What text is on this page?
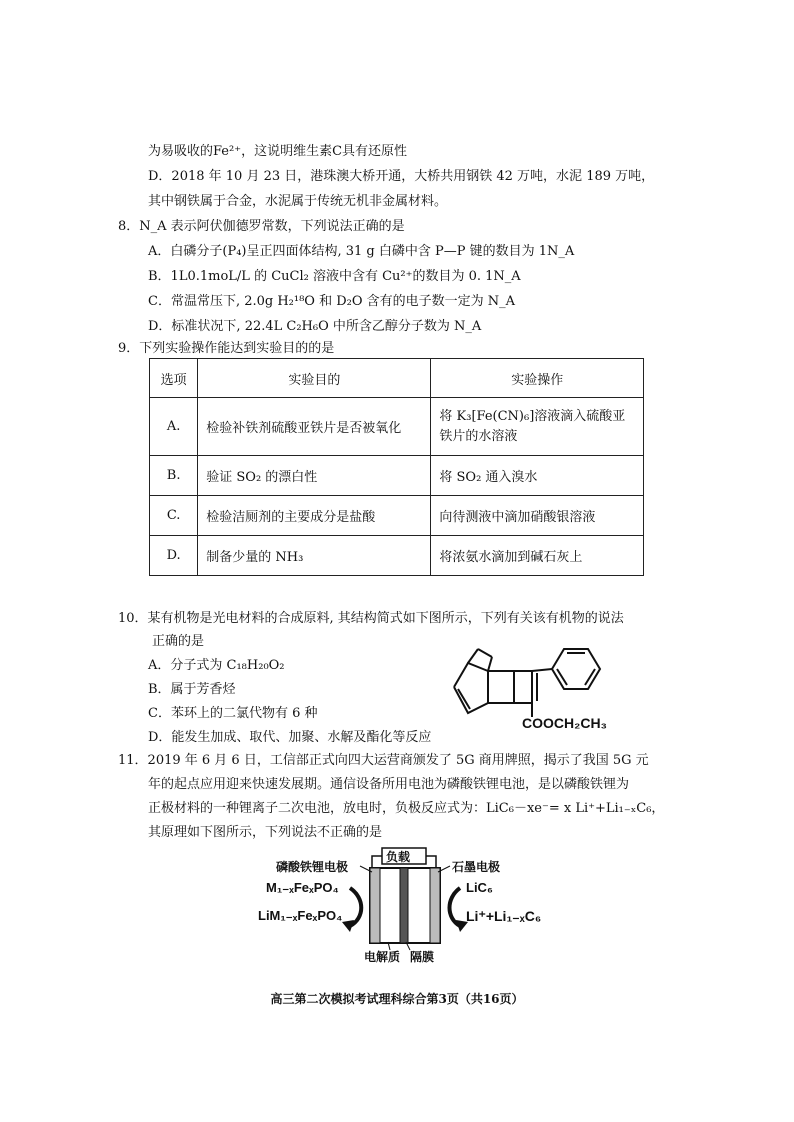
为易吸收的Fe²⁺，这说明维生素C具有还原性
D．2018 年 10 月 23 日，港珠澳大桥开通，大桥共用钢铁 42 万吨，水泥 189 万吨，
其中钢铁属于合金，水泥属于传统无机非金属材料。
8．N_A 表示阿伏伽德罗常数，下列说法正确的是
A．白磷分子(P₄)呈正四面体结构, 31 g 白磷中含 P—P 键的数目为 1N_A
B．1L0.1moL/L 的 CuCl₂ 溶液中含有 Cu²⁺的数目为 0. 1N_A
C．常温常压下, 2.0g H₂¹⁸O 和 D₂O 含有的电子数一定为 N_A
D．标准状况下, 22.4L C₂H₆O 中所含乙醇分子数为 N_A
9．下列实验操作能达到实验目的的是
选项	实验目的	实验操作
A.	检验补铁剂硫酸亚铁片是否被氧化	将 K₃[Fe(CN)₆]溶液滴入硫酸亚铁片的水溶液
B.	验证 SO₂ 的漂白性	将 SO₂ 通入溴水
C.	检验洁厕剂的主要成分是盐酸	向待测液中滴加硝酸银溶液
D.	制备少量的 NH₃	将浓氨水滴加到碱石灰上
10．某有机物是光电材料的合成原料, 其结构简式如下图所示，下列有关该有机物的说法
正确的是
A．分子式为 C₁₈H₂₀O₂
B．属于芳香烃
C．苯环上的二氯代物有 6 种
D．能发生加成、取代、加聚、水解及酯化等反应
COOCH₂CH₃
11．2019 年 6 月 6 日，工信部正式向四大运营商颁发了 5G 商用牌照，揭示了我国 5G 元
年的起点应用迎来快速发展期。通信设备所用电池为磷酸铁锂电池，是以磷酸铁锂为
正极材料的一种锂离子二次电池，放电时，负极反应式为：LiC₆－xe⁻= x Li⁺+Li₁₋ₓC₆，
其原理如下图所示，下列说法不正确的是
负载
磷酸铁锂电极	石墨电极
M₁₋ₓFeₓPO₄
LiM₁₋ₓFeₓPO₄
LiC₆
Li⁺+Li₁₋ₓC₆
电解质 隔膜
高三第二次模拟考试理科综合第3页（共16页）
